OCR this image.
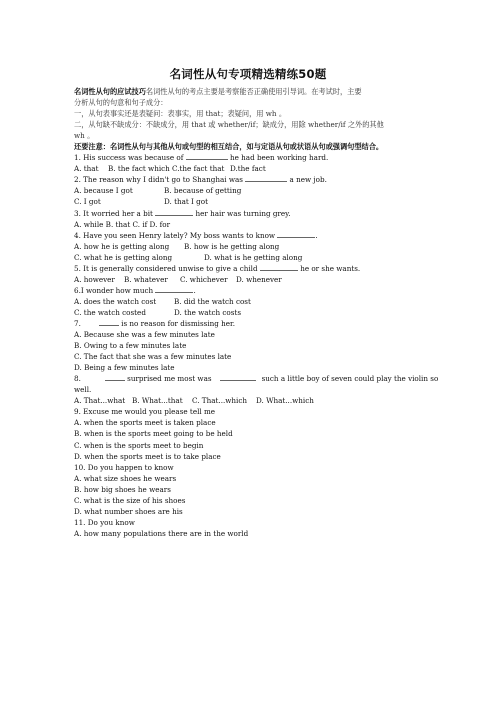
名词性从句专项精选精练50题

名词性从句的应试技巧名词性从句的考点主要是考察能否正确使用引导词。在考试时，主要

分析从句的句意和句子成分：

一，从句表事实还是表疑问：表事实，用 that；表疑问，用 wh 。

二，从句缺不缺成分：不缺成分，用 that 或 whether/if；缺成分，用除 whether/if 之外的其他

wh 。

还要注意：名词性从句与其他从句或句型的相互结合，如与定语从句或状语从句或强调句型结合。

1. His success was because of	he had been working hard.

A. that B. the fact which C.the fact that D.the fact

2. The reason why I didn't go to Shanghai was	a new job.

A. because I got	B. because of getting

C. I got	D. that I got

3. It worried her a bit	her hair was turning grey.

A. while B. that C. if D. for

4. Have you seen Henry lately? My boss wants to know	.

A. how he is getting along B. how is he getting along

C. what he is getting along	D. what is he getting along

5. It is generally considered unwise to give a child	he or she wants.

A. however B. whatever C. whichever D. whenever

6.I wonder how much	.

A. does the watch cost B. did the watch cost

C. the watch costed	D. the watch costs

7.	is no reason for dismissing her.

A. Because she was a few minutes late

B. Owing to a few minutes late

C. The fact that she was a few minutes late

D. Being a few minutes late

8.	surprised me most was	such a little boy of seven could play the violin so

well.

A. That...what B. What...that C. That...which D. What...which

9. Excuse me would you please tell me

A. when the sports meet is taken place

B. when is the sports meet going to be held

C. when is the sports meet to begin

D. when the sports meet is to take place

10. Do you happen to know

A. what size shoes he wears

B. how big shoes he wears

C. what is the size of his shoes

D. what number shoes are his

11. Do you know

A. how many populations there are in the world
